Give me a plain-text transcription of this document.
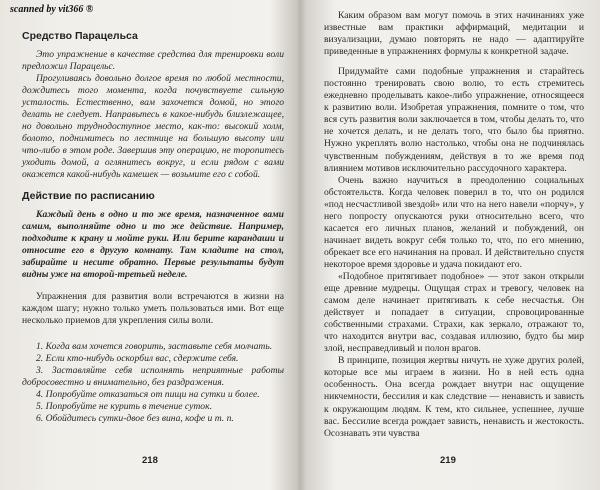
scanned by vit366 ®
Средство Парацельса

Это упражнение в качестве средства для тренировки воли предложил Парацельс.

Прогуливаясь довольно долгое время по любой местности, дождитесь того момента, когда почувствуете сильную усталость. Естественно, вам захочется домой, но этого делать не следует. Направьтесь в какое-нибудь близлежащее, но довольно труднодоступное место, как-то: высокий холм, болото, поднимитесь по лестнице на большую высоту или что-либо в этом роде. Завершив эту операцию, не торопитесь уходить домой, а оглянитесь вокруг, и если рядом с вами окажется какой-нибудь камешек — возьмите его с собой.

Действие по расписанию

Каждый день в одно и то же время, назначенное вами самим, выполняйте одно и то же действие. Например, подходите к крану и мойте руки. Или берите карандаши и относите его в другую комнату. Там кладите на стол, забирайте и несите обратно. Первые результаты будут видны уже на второй-третьей неделе.

Упражнения для развития воли встречаются в жизни на каждом шагу; нужно только уметь пользоваться ими. Вот еще несколько приемов для укрепления силы воли.

1. Когда вам хочется говорить, заставьте себя молчать.
2. Если кто-нибудь оскорбил вас, сдержите себя.
3. Заставляйте себя исполнять неприятные работы добросовестно и внимательно, без раздражения.
4. Попробуйте отказаться от пищи на сутки и более.
5. Попробуйте не курить в течение суток.
6. Обойдитесь сутки-двое без вина, кофе и т. п.
218

Каким образом вам могут помочь в этих начинаниях уже известные вам практики аффирмаций, медитации и визуализации, думаю повторять не надо — адаптируйте приведенные в упражнениях формулы к конкретной задаче.

Придумайте сами подобные упражнения и старайтесь постоянно тренировать свою волю, то есть стремитесь ежедневно проделывать какое-либо упражнение, относящееся к развитию воли. Изобретая упражнения, помните о том, что вся суть развития воли заключается в том, чтобы делать то, что не хочется делать, и не делать того, что было бы приятно. Нужно укреплять волю настолько, чтобы она не подчинялась чувственным побуждениям, действуя в то же время под влиянием мотивов исключительно рассудочного характера.

Очень важно научиться в преодолению социальных обстоятельств. Когда человек поверил в то, что он родился «под несчастливой звездой» или что на него навели «порчу», у него попросту опускаются руки относительно всего, что касается его личных планов, желаний и побуждений, он начинает видеть вокруг себя только то, что, по его мнению, обрекает все его начинания на провал. И действительно спустя некоторое время здоровье и удача покидают его.

«Подобное притягивает подобное» — этот закон открыли еще древние мудрецы. Ощущая страх и тревогу, человек на самом деле начинает притягивать к себе несчастья. Он действует и попадает в ситуации, спровоцированные собственными страхами. Страхи, как зеркало, отражают то, что находится внутри вас, создавая иллюзию, будто бы мир злой, несправедливый и полон врагов.

В принципе, позиция жертвы ничуть не хуже других ролей, которые все мы играем в жизни. Но в ней есть одна особенность. Она всегда рождает внутри нас ощущение никчемности, бессилия и как следствие — ненависть и зависть к окружающим людям. К тем, кто сильнее, успешнее, лучше вас. Бессилие всегда рождает зависть, ненависть и жестокость. Осознавать эти чувства

219
